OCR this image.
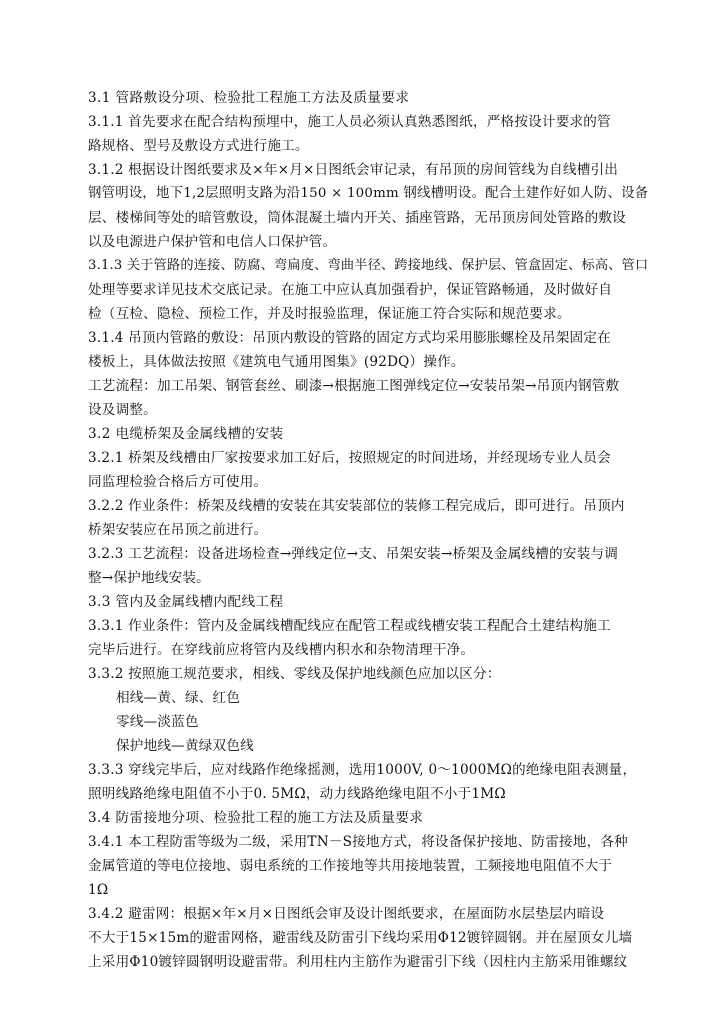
3.1 管路敷设分项、检验批工程施工方法及质量要求
3.1.1 首先要求在配合结构预埋中，施工人员必须认真熟悉图纸，严格按设计要求的管
路规格、型号及敷设方式进行施工。
3.1.2 根据设计图纸要求及×年×月×日图纸会审记录，有吊顶的房间管线为自线槽引出
钢管明设，地下1,2层照明支路为沿150 × 100mm 钢线槽明设。配合土建作好如人防、设备
层、楼梯间等处的暗管敷设，筒体混凝土墙内开关、插座管路，无吊顶房间处管路的敷设
以及电源进户保护管和电信人口保护管。
3.1.3 关于管路的连接、防腐、弯扁度、弯曲半径、跨接地线、保护层、管盒固定、标高、管口
处理等要求详见技术交底记录。在施工中应认真加强看护，保证管路畅通，及时做好自
检（互检、隐检、预检工作，并及时报验监理，保证施工符合实际和规范要求。
3.1.4 吊顶内管路的敷设：吊顶内敷设的管路的固定方式均采用膨胀螺栓及吊架固定在
楼板上，具体做法按照《建筑电气通用图集》(92DQ）操作。
工艺流程：加工吊架、钢管套丝、刷漆→根据施工图弹线定位→安装吊架→吊顶内钢管敷
设及调整。
3.2 电缆桥架及金属线槽的安装
3.2.1 桥架及线槽由厂家按要求加工好后，按照规定的时间进场，并经现场专业人员会
同监理检验合格后方可使用。
3.2.2 作业条件：桥架及线槽的安装在其安装部位的装修工程完成后，即可进行。吊顶内
桥架安装应在吊顶之前进行。
3.2.3 工艺流程：设备进场检查→弹线定位→支、吊架安装→桥架及金属线槽的安装与调
整→保护地线安装。
3.3 管内及金属线槽内配线工程
3.3.1 作业条件：管内及金属线槽配线应在配管工程或线槽安装工程配合土建结构施工
完毕后进行。在穿线前应将管内及线槽内积水和杂物清理干净。
3.3.2 按照施工规范要求，相线、零线及保护地线颜色应加以区分：
相线—黄、绿、红色
零线—淡蓝色
保护地线—黄绿双色线
3.3.3 穿线完毕后，应对线路作绝缘摇测，选用1000V, 0～1000MΩ的绝缘电阻表测量，
照明线路绝缘电阻值不小于0. 5MΩ，动力线路绝缘电阻不小于1MΩ
3.4 防雷接地分项、检验批工程的施工方法及质量要求
3.4.1 本工程防雷等级为二级，采用TN－S接地方式，将设备保护接地、防雷接地，各种
金属管道的等电位接地、弱电系统的工作接地等共用接地装置，工频接地电阻值不大于
1Ω
3.4.2 避雷网：根据×年×月×日图纸会审及设计图纸要求，在屋面防水层垫层内暗设
不大于15×15m的避雷网格，避雷线及防雷引下线均采用Φ12镀锌圆钢。并在屋顶女儿墙
上采用Φ10镀锌圆钢明设避雷带。利用柱内主筋作为避雷引下线（因柱内主筋采用锥螺纹
